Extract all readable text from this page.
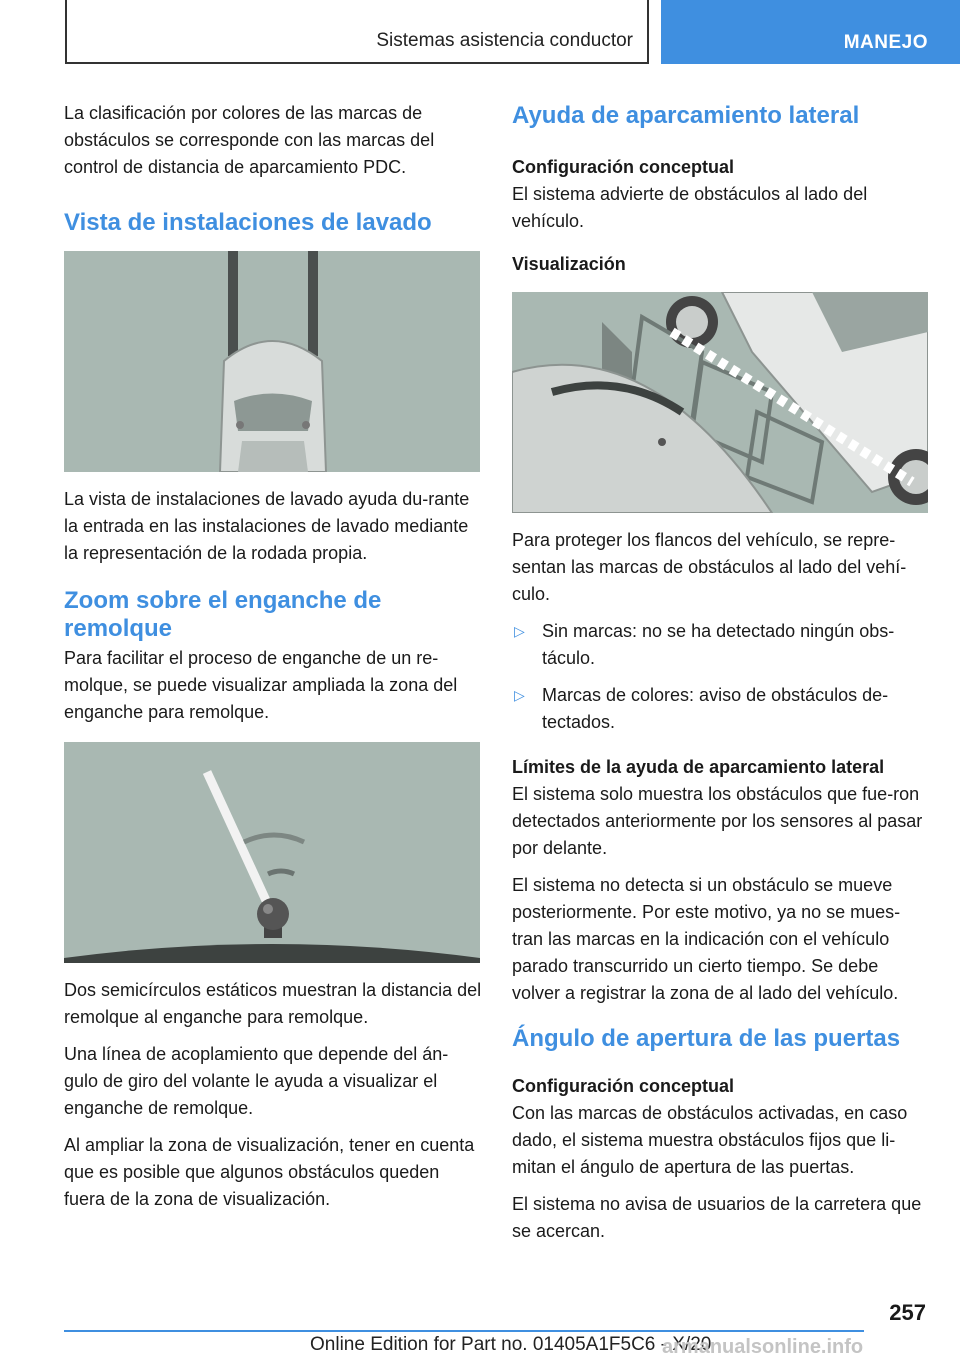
Sistemas asistencia conductor	MANEJO

La clasificación por colores de las marcas de obstáculos se corresponde con las marcas del control de distancia de aparcamiento PDC.

Vista de instalaciones de lavado

La vista de instalaciones de lavado ayuda du‐rante la entrada en las instalaciones de lavado mediante la representación de la rodada propia.

Zoom sobre el enganche de remolque

Para facilitar el proceso de enganche de un re‐molque, se puede visualizar ampliada la zona del enganche para remolque.

Dos semicírculos estáticos muestran la distancia del remolque al enganche para remolque.

Una línea de acoplamiento que depende del án‐gulo de giro del volante le ayuda a visualizar el enganche de remolque.

Al ampliar la zona de visualización, tener en cuenta que es posible que algunos obstáculos queden fuera de la zona de visualización.

Ayuda de aparcamiento lateral
Configuración conceptual

El sistema advierte de obstáculos al lado del vehículo.

Visualización

Para proteger los flancos del vehículo, se repre‐sentan las marcas de obstáculos al lado del vehí‐culo.

▷ Sin marcas: no se ha detectado ningún obs‐táculo.
▷ Marcas de colores: aviso de obstáculos de‐tectados.
Límites de la ayuda de aparcamiento lateral

El sistema solo muestra los obstáculos que fue‐ron detectados anteriormente por los sensores al pasar por delante.

El sistema no detecta si un obstáculo se mueve posteriormente. Por este motivo, ya no se mues‐tran las marcas en la indicación con el vehículo parado transcurrido un cierto tiempo. Se debe volver a registrar la zona de al lado del vehículo.

Ángulo de apertura de las puertas
Configuración conceptual

Con las marcas de obstáculos activadas, en caso dado, el sistema muestra obstáculos fijos que li‐mitan el ángulo de apertura de las puertas.

El sistema no avisa de usuarios de la carretera que se acercan.

257
Online Edition for Part no. 01405A1F5C6 - X/20
armanualsonline.info
